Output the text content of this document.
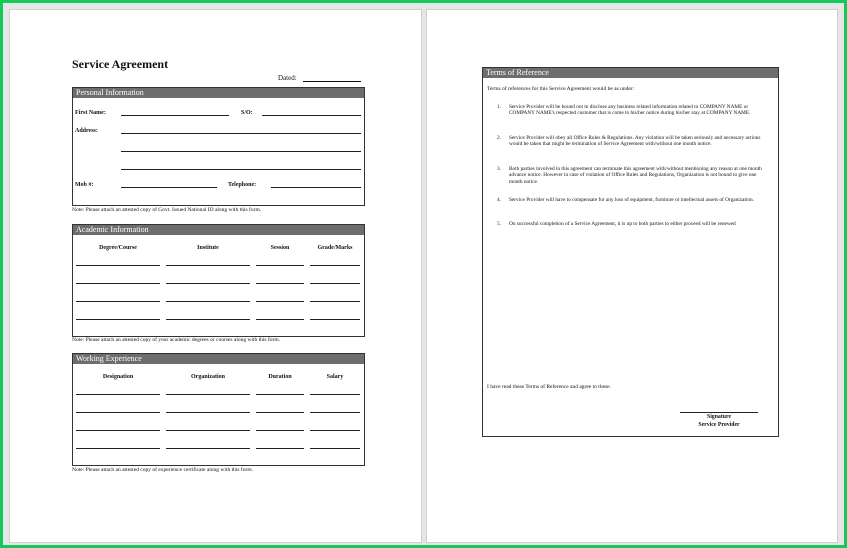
Service Agreement
Dated:
Personal Information
First Name:	S/O:
Address:
Mob #:	Telephone:
Note: Please attach an attested copy of Govt. Issued National ID along with this form.
Academic Information
Degree/Course	Institute	Session	Grade/Marks
Note: Please attach an attested copy of your academic degrees or courses along with this form.
Working Experience
Designation	Organization	Duration	Salary
Note: Please attach an attested copy of experience certificate along with this form.
Terms of Reference
Terms of references for this Service Agreement would be as under:
1. Service Provider will be bound not to disclose any business related information related to COMPANY NAME or COMPANY NAME's respected customer that is come to his/her notice during his/her stay at COMPANY NAME.
2. Service Provider will obey all Office Rules & Regulations. Any violation will be taken seriously and necessary actions would be taken that might be termination of Service Agreement with/without one month notice.
3. Both parties involved in this agreement can terminate this agreement with/without mentioning any reason at one month advance notice. However in case of violation of Office Rules and Regulations, Organization is not bound to give one month notice.
4. Service Provider will have to compensate for any loss of equipment, furniture or intellectual assets of Organization.
5. On successful completion of a Service Agreement, it is up to both parties to either proceed will be renewed
I have read these Terms of Reference and agree to these.
Signature
Service Provider
